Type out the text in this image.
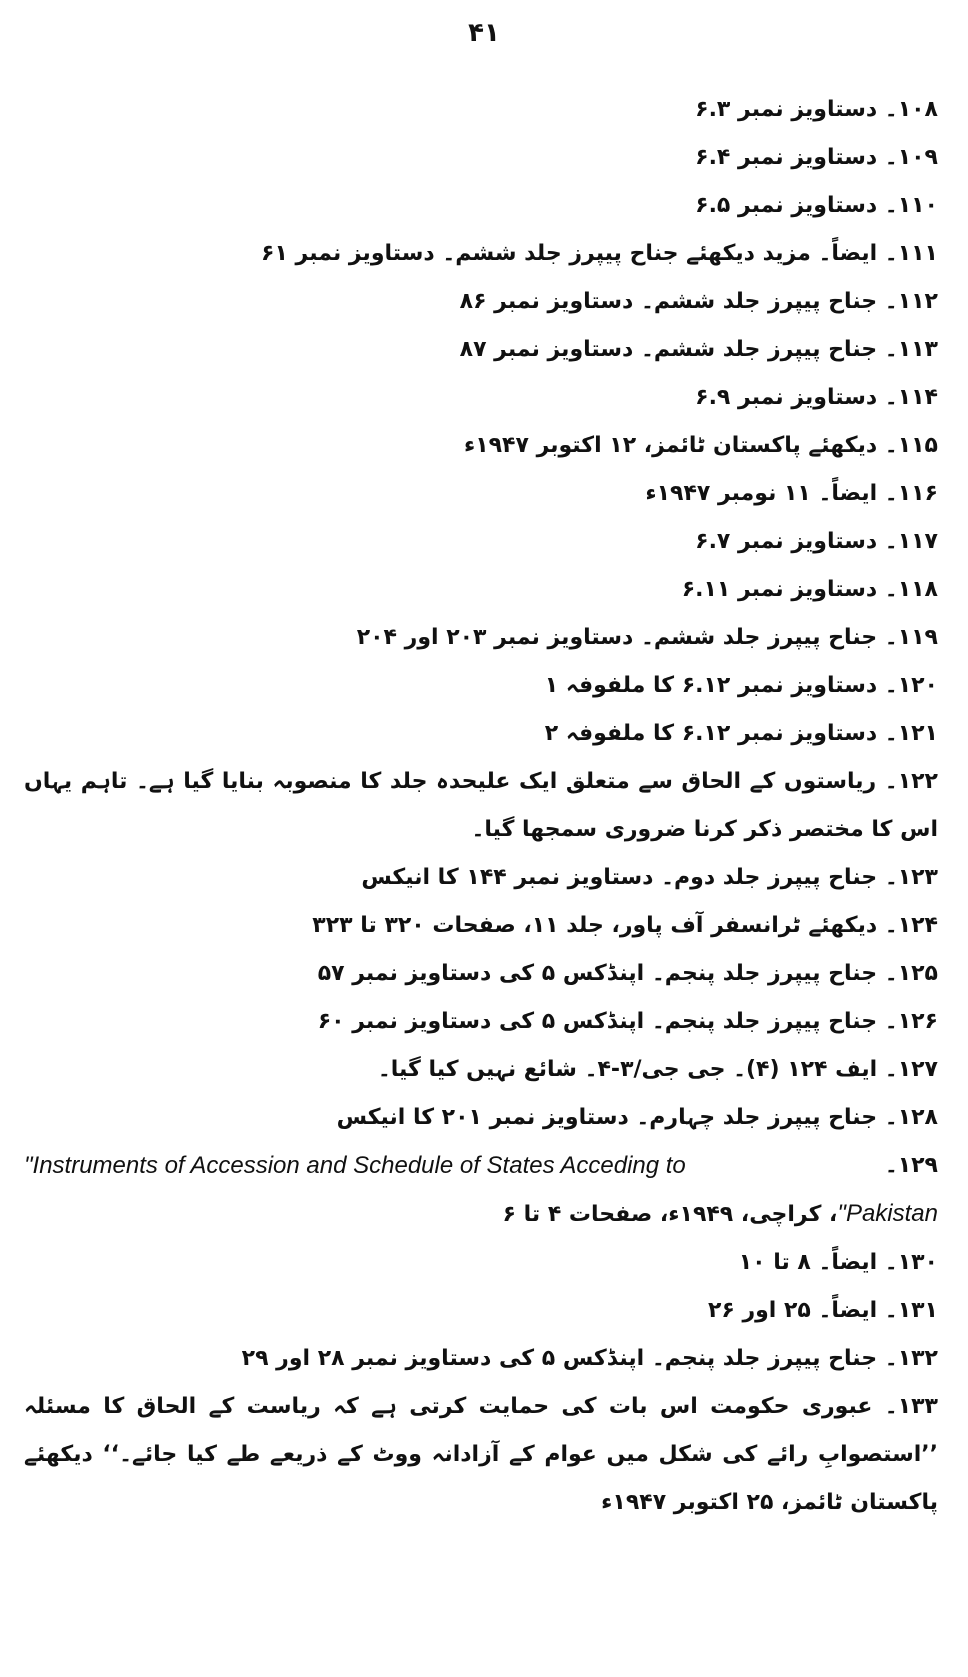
۴۱
۱۰۸۔ دستاویز نمبر ۶.۳
۱۰۹۔ دستاویز نمبر ۶.۴
۱۱۰۔ دستاویز نمبر ۶.۵
۱۱۱۔ ایضاً۔ مزید دیکھئے جناح پیپرز جلد ششم۔ دستاویز نمبر ۶۱
۱۱۲۔ جناح پیپرز جلد ششم۔ دستاویز نمبر ۸۶
۱۱۳۔ جناح پیپرز جلد ششم۔ دستاویز نمبر ۸۷
۱۱۴۔ دستاویز نمبر ۶.۹
۱۱۵۔ دیکھئے پاکستان ٹائمز، ۱۲ اکتوبر ۱۹۴۷ء
۱۱۶۔ ایضاً۔ ۱۱ نومبر ۱۹۴۷ء
۱۱۷۔ دستاویز نمبر ۶.۷
۱۱۸۔ دستاویز نمبر ۶.۱۱
۱۱۹۔ جناح پیپرز جلد ششم۔ دستاویز نمبر ۲۰۳ اور ۲۰۴
۱۲۰۔ دستاویز نمبر ۶.۱۲ کا ملفوفہ ۱
۱۲۱۔ دستاویز نمبر ۶.۱۲ کا ملفوفہ ۲
۱۲۲۔ ریاستوں کے الحاق سے متعلق ایک علیحدہ جلد کا منصوبہ بنایا گیا ہے۔ تاہم یہاں اس کا مختصر ذکر کرنا ضروری سمجھا گیا۔
۱۲۳۔ جناح پیپرز جلد دوم۔ دستاویز نمبر ۱۴۴ کا انیکس
۱۲۴۔ دیکھئے ٹرانسفر آف پاور، جلد ۱۱، صفحات ۳۲۰ تا ۳۲۳
۱۲۵۔ جناح پیپرز جلد پنجم۔ اپنڈکس ۵ کی دستاویز نمبر ۵۷
۱۲۶۔ جناح پیپرز جلد پنجم۔ اپنڈکس ۵ کی دستاویز نمبر ۶۰
۱۲۷۔ ایف ۱۲۴ (۴)۔ جی جی/۳-۴۔ شائع نہیں کیا گیا۔
۱۲۸۔ جناح پیپرز جلد چہارم۔ دستاویز نمبر ۲۰۱ کا انیکس
"Instruments of Accession and Schedule of States Acceding to	۱۲۹۔
Pakistan"، کراچی، ۱۹۴۹ء، صفحات ۴ تا ۶
۱۳۰۔ ایضاً۔ ۸ تا ۱۰
۱۳۱۔ ایضاً۔ ۲۵ اور ۲۶
۱۳۲۔ جناح پیپرز جلد پنجم۔ اپنڈکس ۵ کی دستاویز نمبر ۲۸ اور ۲۹
۱۳۳۔ عبوری حکومت اس بات کی حمایت کرتی ہے کہ ریاست کے الحاق کا مسئلہ ’’استصوابِ رائے کی شکل میں عوام کے آزادانہ ووٹ کے ذریعے طے کیا جائے۔‘‘ دیکھئے پاکستان ٹائمز، ۲۵ اکتوبر ۱۹۴۷ء
